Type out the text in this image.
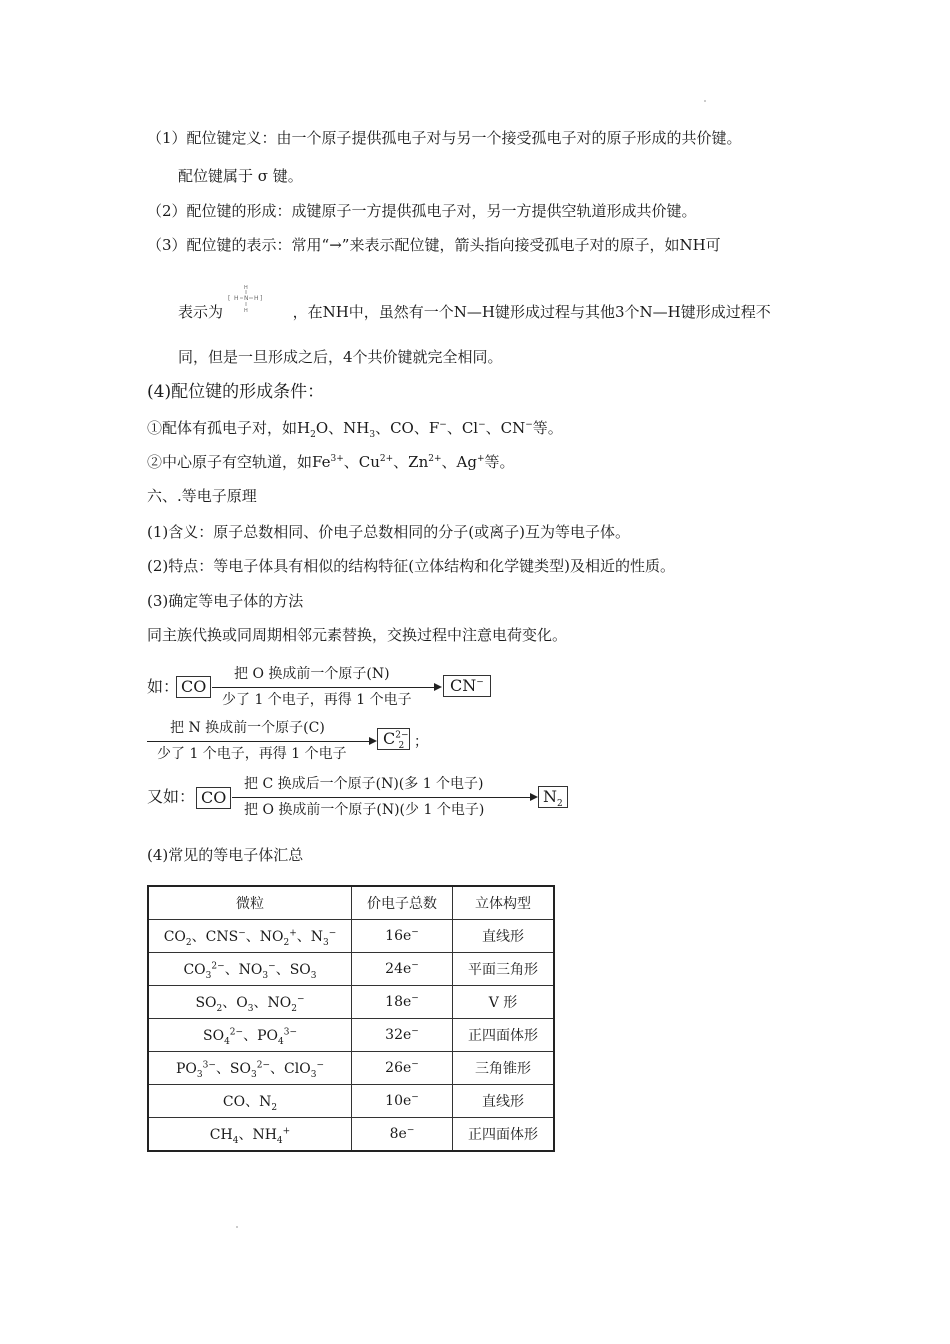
（1）配位键定义：由一个原子提供孤电子对与另一个接受孤电子对的原子形成的共价键。
配位键属于 σ 键。
（2）配位键的形成：成键原子一方提供孤电子对，另一方提供空轨道形成共价键。
（3）配位键的表示：常用“→”来表示配位键，箭头指向接受孤电子对的原子，如NH可
表示为	，在NH中，虽然有一个N—H键形成过程与其他3个N—H键形成过程不
[ H N H ]
H
H
同，但是一旦形成之后，4个共价键就完全相同。
(4)配位键的形成条件：
①配体有孤电子对，如$H_2O$、$NH_3$、CO、F−、Cl−、CN−等。
②中心原子有空轨道，如$Fe^{3+}$、$Cu^{2+}$、$Zn^{2+}$、Ag+等。
六、.等电子原理
(1)含义：原子总数相同、价电子总数相同的分子(或离子)互为等电子体。
(2)特点：等电子体具有相似的结构特征(立体结构和化学键类型)及相近的性质。
(3)确定等电子体的方法
同主族代换或同周期相邻元素替换，交换过程中注意电荷变化。
如： CO
把 O 换成前一个原子(N)
少了 1 个电子，再得 1 个电子
CN−
把 N 换成前一个原子(C)
少了 1 个电子，再得 1 个电子
$C^{2-}_2$ ；
又如： CO
把 C 换成后一个原子(N)(多 1 个电子)
把 O 换成前一个原子(N)(少 1 个电子)
$N_2$
(4)常见的等电子体汇总
微粒	价电子总数	立体构型
$CO_2$、CNS−、$NO_2^+$、$N_3^-$	16e−	直线形
$CO_3^{2-}$、$NO_3^-$、$SO_3$	24e−	平面三角形
$SO_2$、$O_3$、$NO_2^-$	18e−	V 形
$SO_4^{2-}$、$PO_4^{3-}$	32e−	正四面体形
$PO_3^{3-}$、$SO_3^{2-}$、ClO$_3$−	26e−	三角锥形
CO、$N_2$	10e−	直线形
$CH_4$、$NH_4^+$	8e−	正四面体形
